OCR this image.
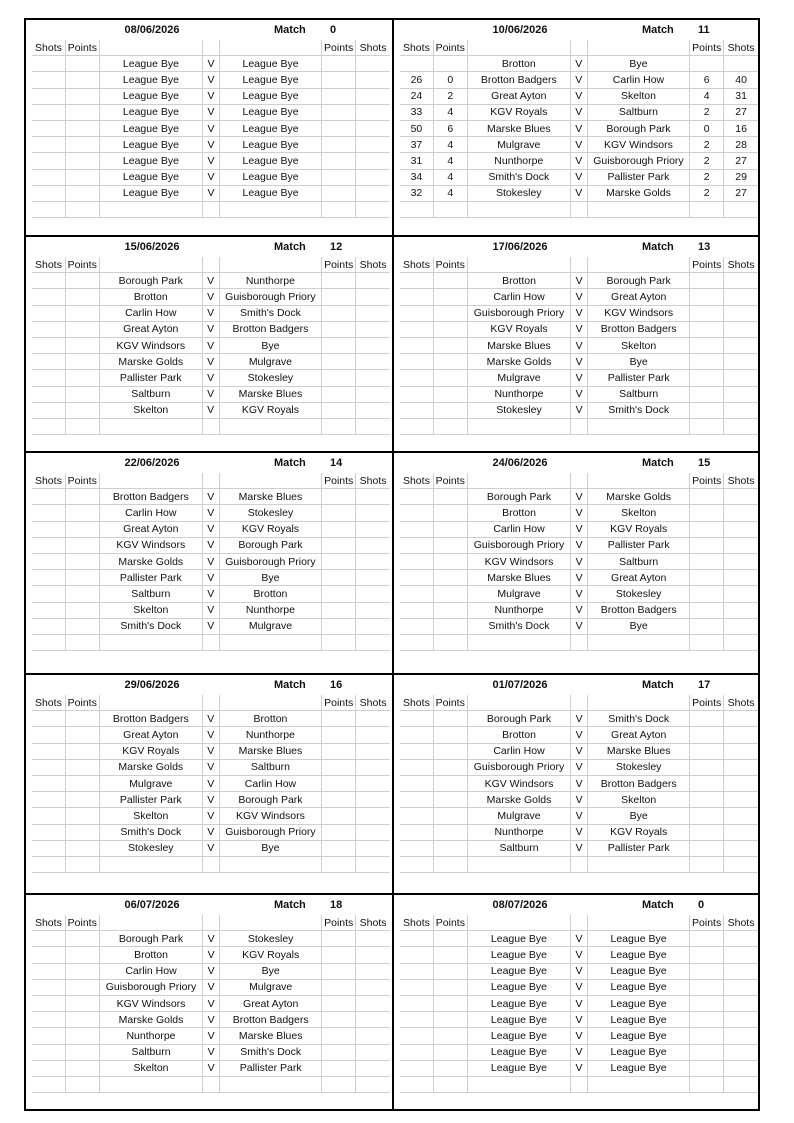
08/06/2026	Match 0
Shots	Points				Points	Shots
		League Bye	V	League Bye		
		League Bye	V	League Bye		
		League Bye	V	League Bye		
		League Bye	V	League Bye		
		League Bye	V	League Bye		
		League Bye	V	League Bye		
		League Bye	V	League Bye		
		League Bye	V	League Bye		
		League Bye	V	League Bye		

10/06/2026	Match 11
Shots	Points				Points	Shots
		Brotton	V	Bye		
26	0	Brotton Badgers	V	Carlin How	6	40
24	2	Great Ayton	V	Skelton	4	31
33	4	KGV Royals	V	Saltburn	2	27
50	6	Marske Blues	V	Borough Park	0	16
37	4	Mulgrave	V	KGV Windsors	2	28
31	4	Nunthorpe	V	Guisborough Priory	2	27
34	4	Smith's Dock	V	Pallister Park	2	29
32	4	Stokesley	V	Marske Golds	2	27

15/06/2026	Match 12
Shots	Points				Points	Shots
		Borough Park	V	Nunthorpe		
		Brotton	V	Guisborough Priory		
		Carlin How	V	Smith's Dock		
		Great Ayton	V	Brotton Badgers		
		KGV Windsors	V	Bye		
		Marske Golds	V	Mulgrave		
		Pallister Park	V	Stokesley		
		Saltburn	V	Marske Blues		
		Skelton	V	KGV Royals		

17/06/2026	Match 13
Shots	Points				Points	Shots
		Brotton	V	Borough Park		
		Carlin How	V	Great Ayton		
		Guisborough Priory	V	KGV Windsors		
		KGV Royals	V	Brotton Badgers		
		Marske Blues	V	Skelton		
		Marske Golds	V	Bye		
		Mulgrave	V	Pallister Park		
		Nunthorpe	V	Saltburn		
		Stokesley	V	Smith's Dock		

22/06/2026	Match 14
Shots	Points				Points	Shots
		Brotton Badgers	V	Marske Blues		
		Carlin How	V	Stokesley		
		Great Ayton	V	KGV Royals		
		KGV Windsors	V	Borough Park		
		Marske Golds	V	Guisborough Priory		
		Pallister Park	V	Bye		
		Saltburn	V	Brotton		
		Skelton	V	Nunthorpe		
		Smith's Dock	V	Mulgrave		

24/06/2026	Match 15
Shots	Points				Points	Shots
		Borough Park	V	Marske Golds		
		Brotton	V	Skelton		
		Carlin How	V	KGV Royals		
		Guisborough Priory	V	Pallister Park		
		KGV Windsors	V	Saltburn		
		Marske Blues	V	Great Ayton		
		Mulgrave	V	Stokesley		
		Nunthorpe	V	Brotton Badgers		
		Smith's Dock	V	Bye		

29/06/2026	Match 16
Shots	Points				Points	Shots
		Brotton Badgers	V	Brotton		
		Great Ayton	V	Nunthorpe		
		KGV Royals	V	Marske Blues		
		Marske Golds	V	Saltburn		
		Mulgrave	V	Carlin How		
		Pallister Park	V	Borough Park		
		Skelton	V	KGV Windsors		
		Smith's Dock	V	Guisborough Priory		
		Stokesley	V	Bye		

01/07/2026	Match 17
Shots	Points				Points	Shots
		Borough Park	V	Smith's Dock		
		Brotton	V	Great Ayton		
		Carlin How	V	Marske Blues		
		Guisborough Priory	V	Stokesley		
		KGV Windsors	V	Brotton Badgers		
		Marske Golds	V	Skelton		
		Mulgrave	V	Bye		
		Nunthorpe	V	KGV Royals		
		Saltburn	V	Pallister Park		

06/07/2026	Match 18
Shots	Points				Points	Shots
		Borough Park	V	Stokesley		
		Brotton	V	KGV Royals		
		Carlin How	V	Bye		
		Guisborough Priory	V	Mulgrave		
		KGV Windsors	V	Great Ayton		
		Marske Golds	V	Brotton Badgers		
		Nunthorpe	V	Marske Blues		
		Saltburn	V	Smith's Dock		
		Skelton	V	Pallister Park		

08/07/2026	Match 0
Shots	Points				Points	Shots
		League Bye	V	League Bye		
		League Bye	V	League Bye		
		League Bye	V	League Bye		
		League Bye	V	League Bye		
		League Bye	V	League Bye		
		League Bye	V	League Bye		
		League Bye	V	League Bye		
		League Bye	V	League Bye		
		League Bye	V	League Bye		
